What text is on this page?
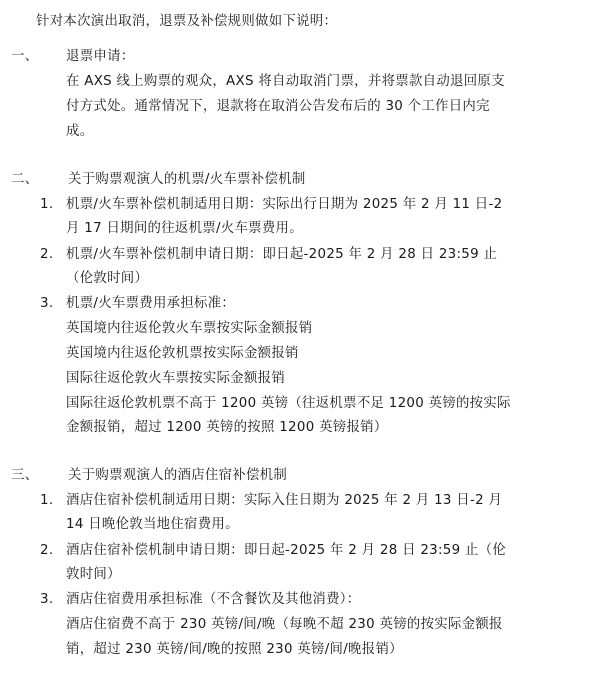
针对本次演出取消，退票及补偿规则做如下说明：
一、 退票申请：
在 AXS 线上购票的观众，AXS 将自动取消门票，并将票款自动退回原支
付方式处。通常情况下，退款将在取消公告发布后的 30 个工作日内完
成。
二、 关于购票观演人的机票/火车票补偿机制
1. 机票/火车票补偿机制适用日期：实际出行日期为 2025 年 2 月 11 日-2
月 17 日期间的往返机票/火车票费用。
2. 机票/火车票补偿机制申请日期：即日起-2025 年 2 月 28 日 23:59 止
（伦敦时间）
3. 机票/火车票费用承担标准：
英国境内往返伦敦火车票按实际金额报销
英国境内往返伦敦机票按实际金额报销
国际往返伦敦火车票按实际金额报销
国际往返伦敦机票不高于 1200 英镑（往返机票不足 1200 英镑的按实际
金额报销，超过 1200 英镑的按照 1200 英镑报销）
三、 关于购票观演人的酒店住宿补偿机制
1. 酒店住宿补偿机制适用日期：实际入住日期为 2025 年 2 月 13 日-2 月
14 日晚伦敦当地住宿费用。
2. 酒店住宿补偿机制申请日期：即日起-2025 年 2 月 28 日 23:59 止（伦
敦时间）
3. 酒店住宿费用承担标准（不含餐饮及其他消费）：
酒店住宿费不高于 230 英镑/间/晚（每晚不超 230 英镑的按实际金额报
销，超过 230 英镑/间/晚的按照 230 英镑/间/晚报销）
